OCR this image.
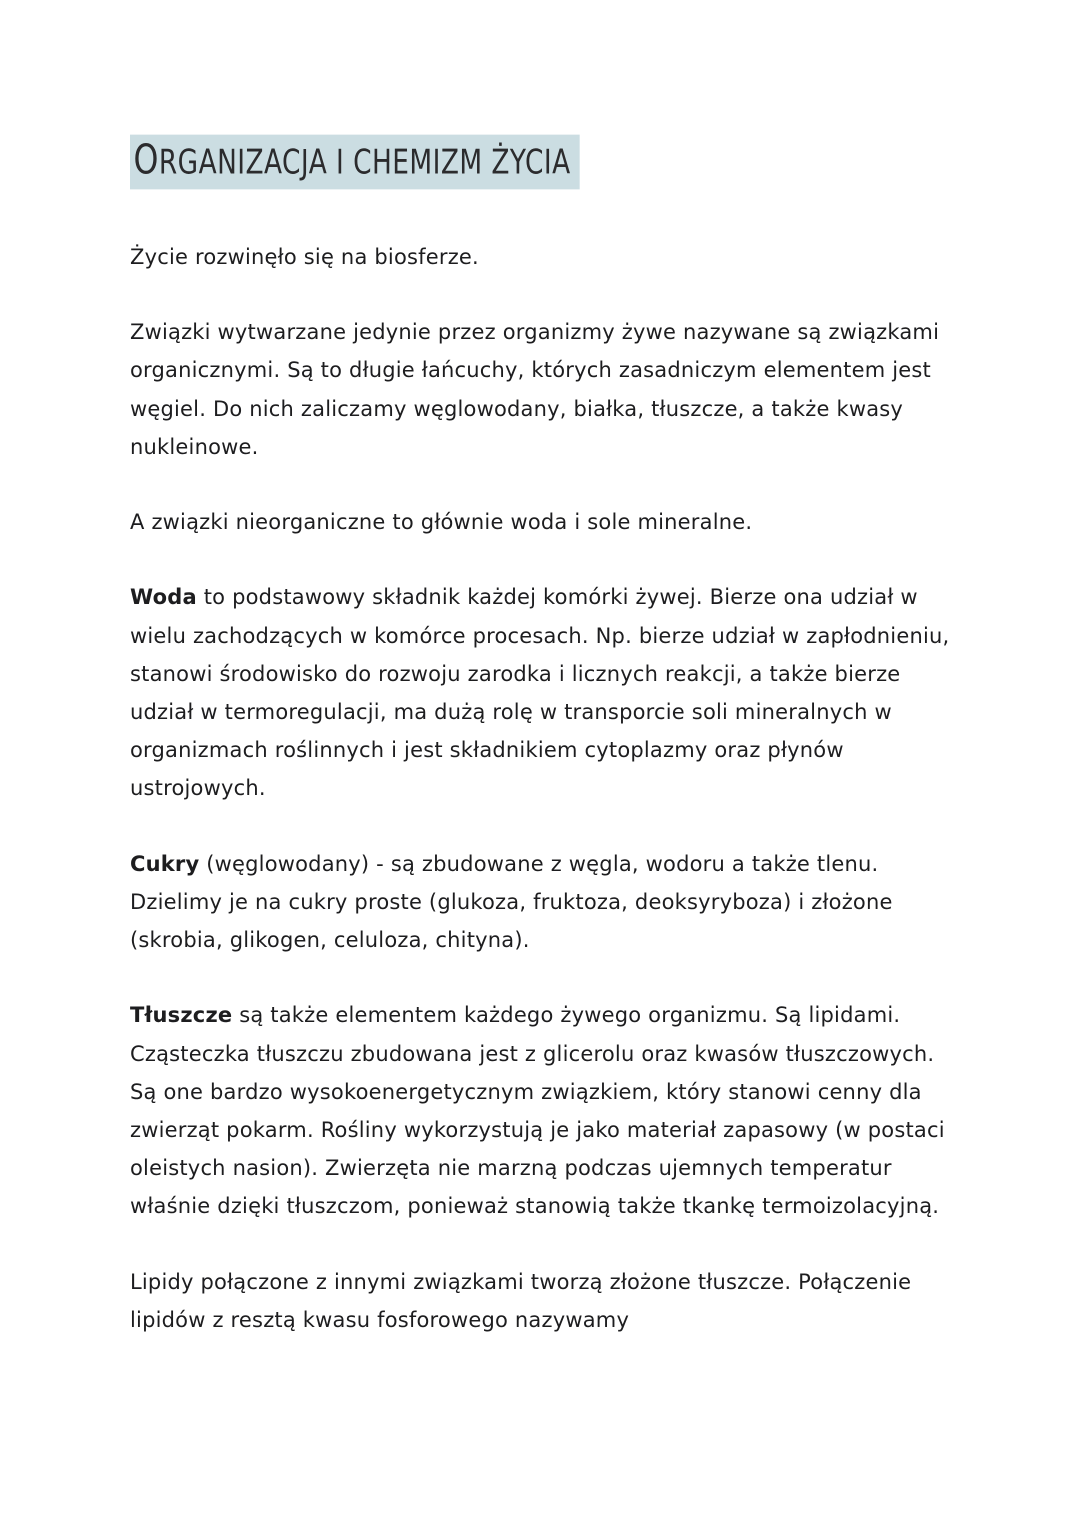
ORGANIZACJA I CHEMIZM ŻYCIA

Życie rozwinęło się na biosferze.

Związki wytwarzane jedynie przez organizmy żywe nazywane są związkami organicznymi. Są to długie łańcuchy, których zasadniczym elementem jest węgiel. Do nich zaliczamy węglowodany, białka, tłuszcze, a także kwasy nukleinowe.

A związki nieorganiczne to głównie woda i sole mineralne.

Woda to podstawowy składnik każdej komórki żywej. Bierze ona udział w wielu zachodzących w komórce procesach. Np. bierze udział w zapłodnieniu, stanowi środowisko do rozwoju zarodka i licznych reakcji, a także bierze udział w termoregulacji, ma dużą rolę w transporcie soli mineralnych w organizmach roślinnych i jest składnikiem cytoplazmy oraz płynów ustrojowych.

Cukry (węglowodany) - są zbudowane z węgla, wodoru a także tlenu. Dzielimy je na cukry proste (glukoza, fruktoza, deoksyryboza) i złożone (skrobia, glikogen, celuloza, chityna).

Tłuszcze są także elementem każdego żywego organizmu. Są lipidami. Cząsteczka tłuszczu zbudowana jest z glicerolu oraz kwasów tłuszczowych. Są one bardzo wysokoenergetycznym związkiem, który stanowi cenny dla zwierząt pokarm. Rośliny wykorzystują je jako materiał zapasowy (w postaci oleistych nasion). Zwierzęta nie marzną podczas ujemnych temperatur właśnie dzięki tłuszczom, ponieważ stanowią także tkankę termoizolacyjną.

Lipidy połączone z innymi związkami tworzą złożone tłuszcze. Połączenie lipidów z resztą kwasu fosforowego nazywamy
